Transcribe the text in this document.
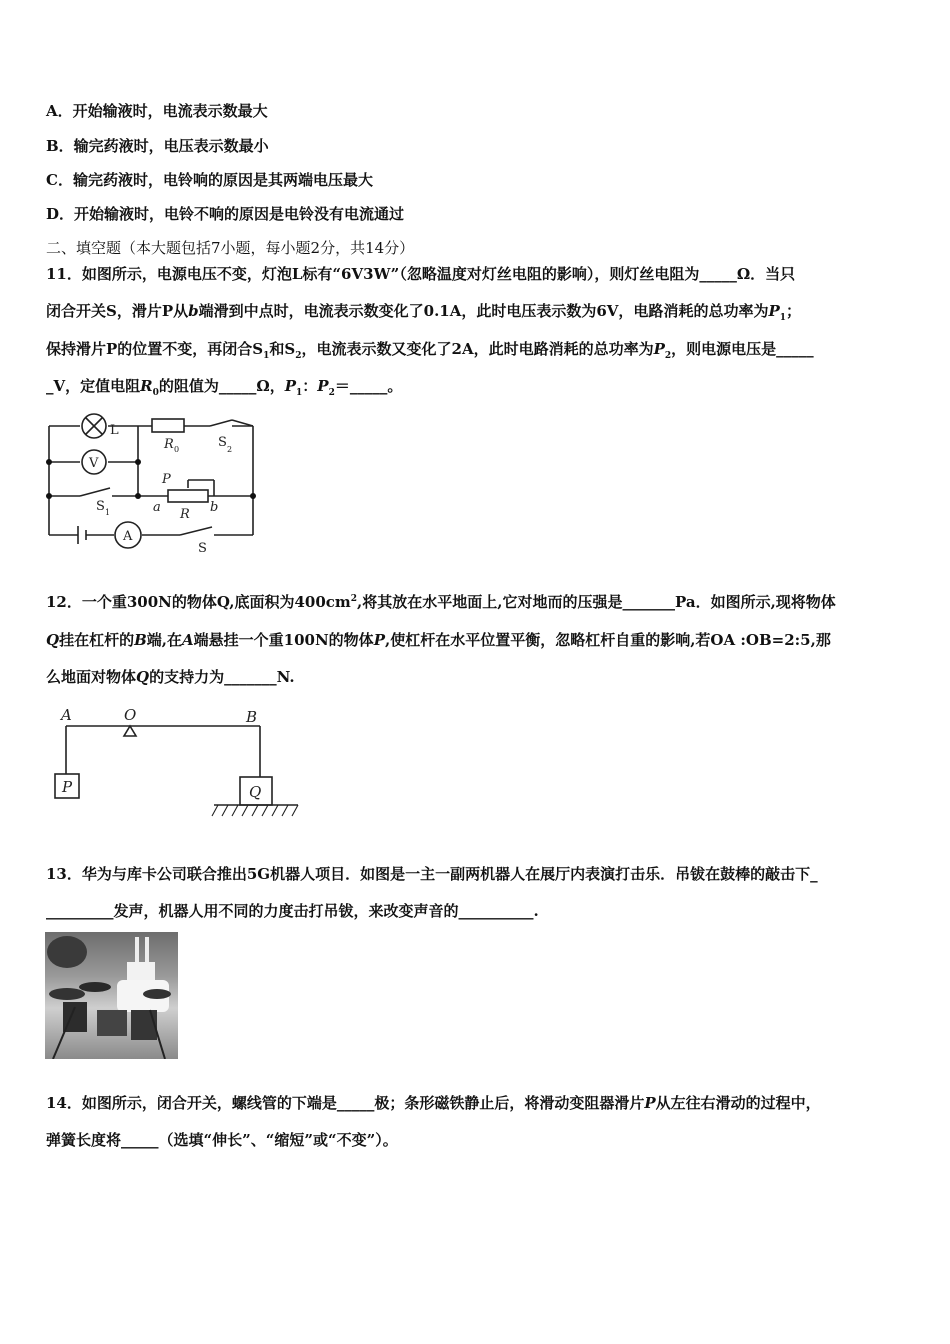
A．开始输液时，电流表示数最大
B．输完药液时，电压表示数最小
C．输完药液时，电铃响的原因是其两端电压最大
D．开始输液时，电铃不响的原因是电铃没有电流通过
二、填空题（本大题包括7小题，每小题2分，共14分）
11．如图所示，电源电压不变，灯泡L标有“6V3W”（忽略温度对灯丝电阻的影响），则灯丝电阻为_____Ω．当只
闭合开关S，滑片P从b端滑到中点时，电流表示数变化了0.1A，此时电压表示数为6V，电路消耗的总功率为$P_1$；
保持滑片P的位置不变，再闭合$S_1$和$S_2$，电流表示数又变化了2A，此时电路消耗的总功率为$P_2$，则电源电压是_____
_V，定值电阻$R_0$的阻值为_____Ω，$P_1$：$P_2=\_\_\_\_\_$。
L
V
R 0	S 2
P
S 1	a R b
A
S
12．一个重300N的物体Q,底面积为$400cm^2$,将其放在水平地面上,它对地而的压强是_______Pa．如图所示,现将物体
Q挂在杠杆的B端,在A端悬挂一个重100N的物体P,使杠杆在水平位置平衡，忽略杠杆自重的影响,若OA :OB=2:5,那
么地面对物体Q的支持力为_______N.
A	O	B
P	Q
13．华为与库卡公司联合推出5G机器人项目．如图是一主一副两机器人在展厅内表演打击乐．吊钹在鼓棒的敲击下_
_________发声，机器人用不同的力度击打吊钹，来改变声音的__________.
14．如图所示，闭合开关，螺线管的下端是_____极；条形磁铁静止后，将滑动变阻器滑片P从左往右滑动的过程中，
弹簧长度将_____（选填“伸长”、“缩短”或“不变”）。
